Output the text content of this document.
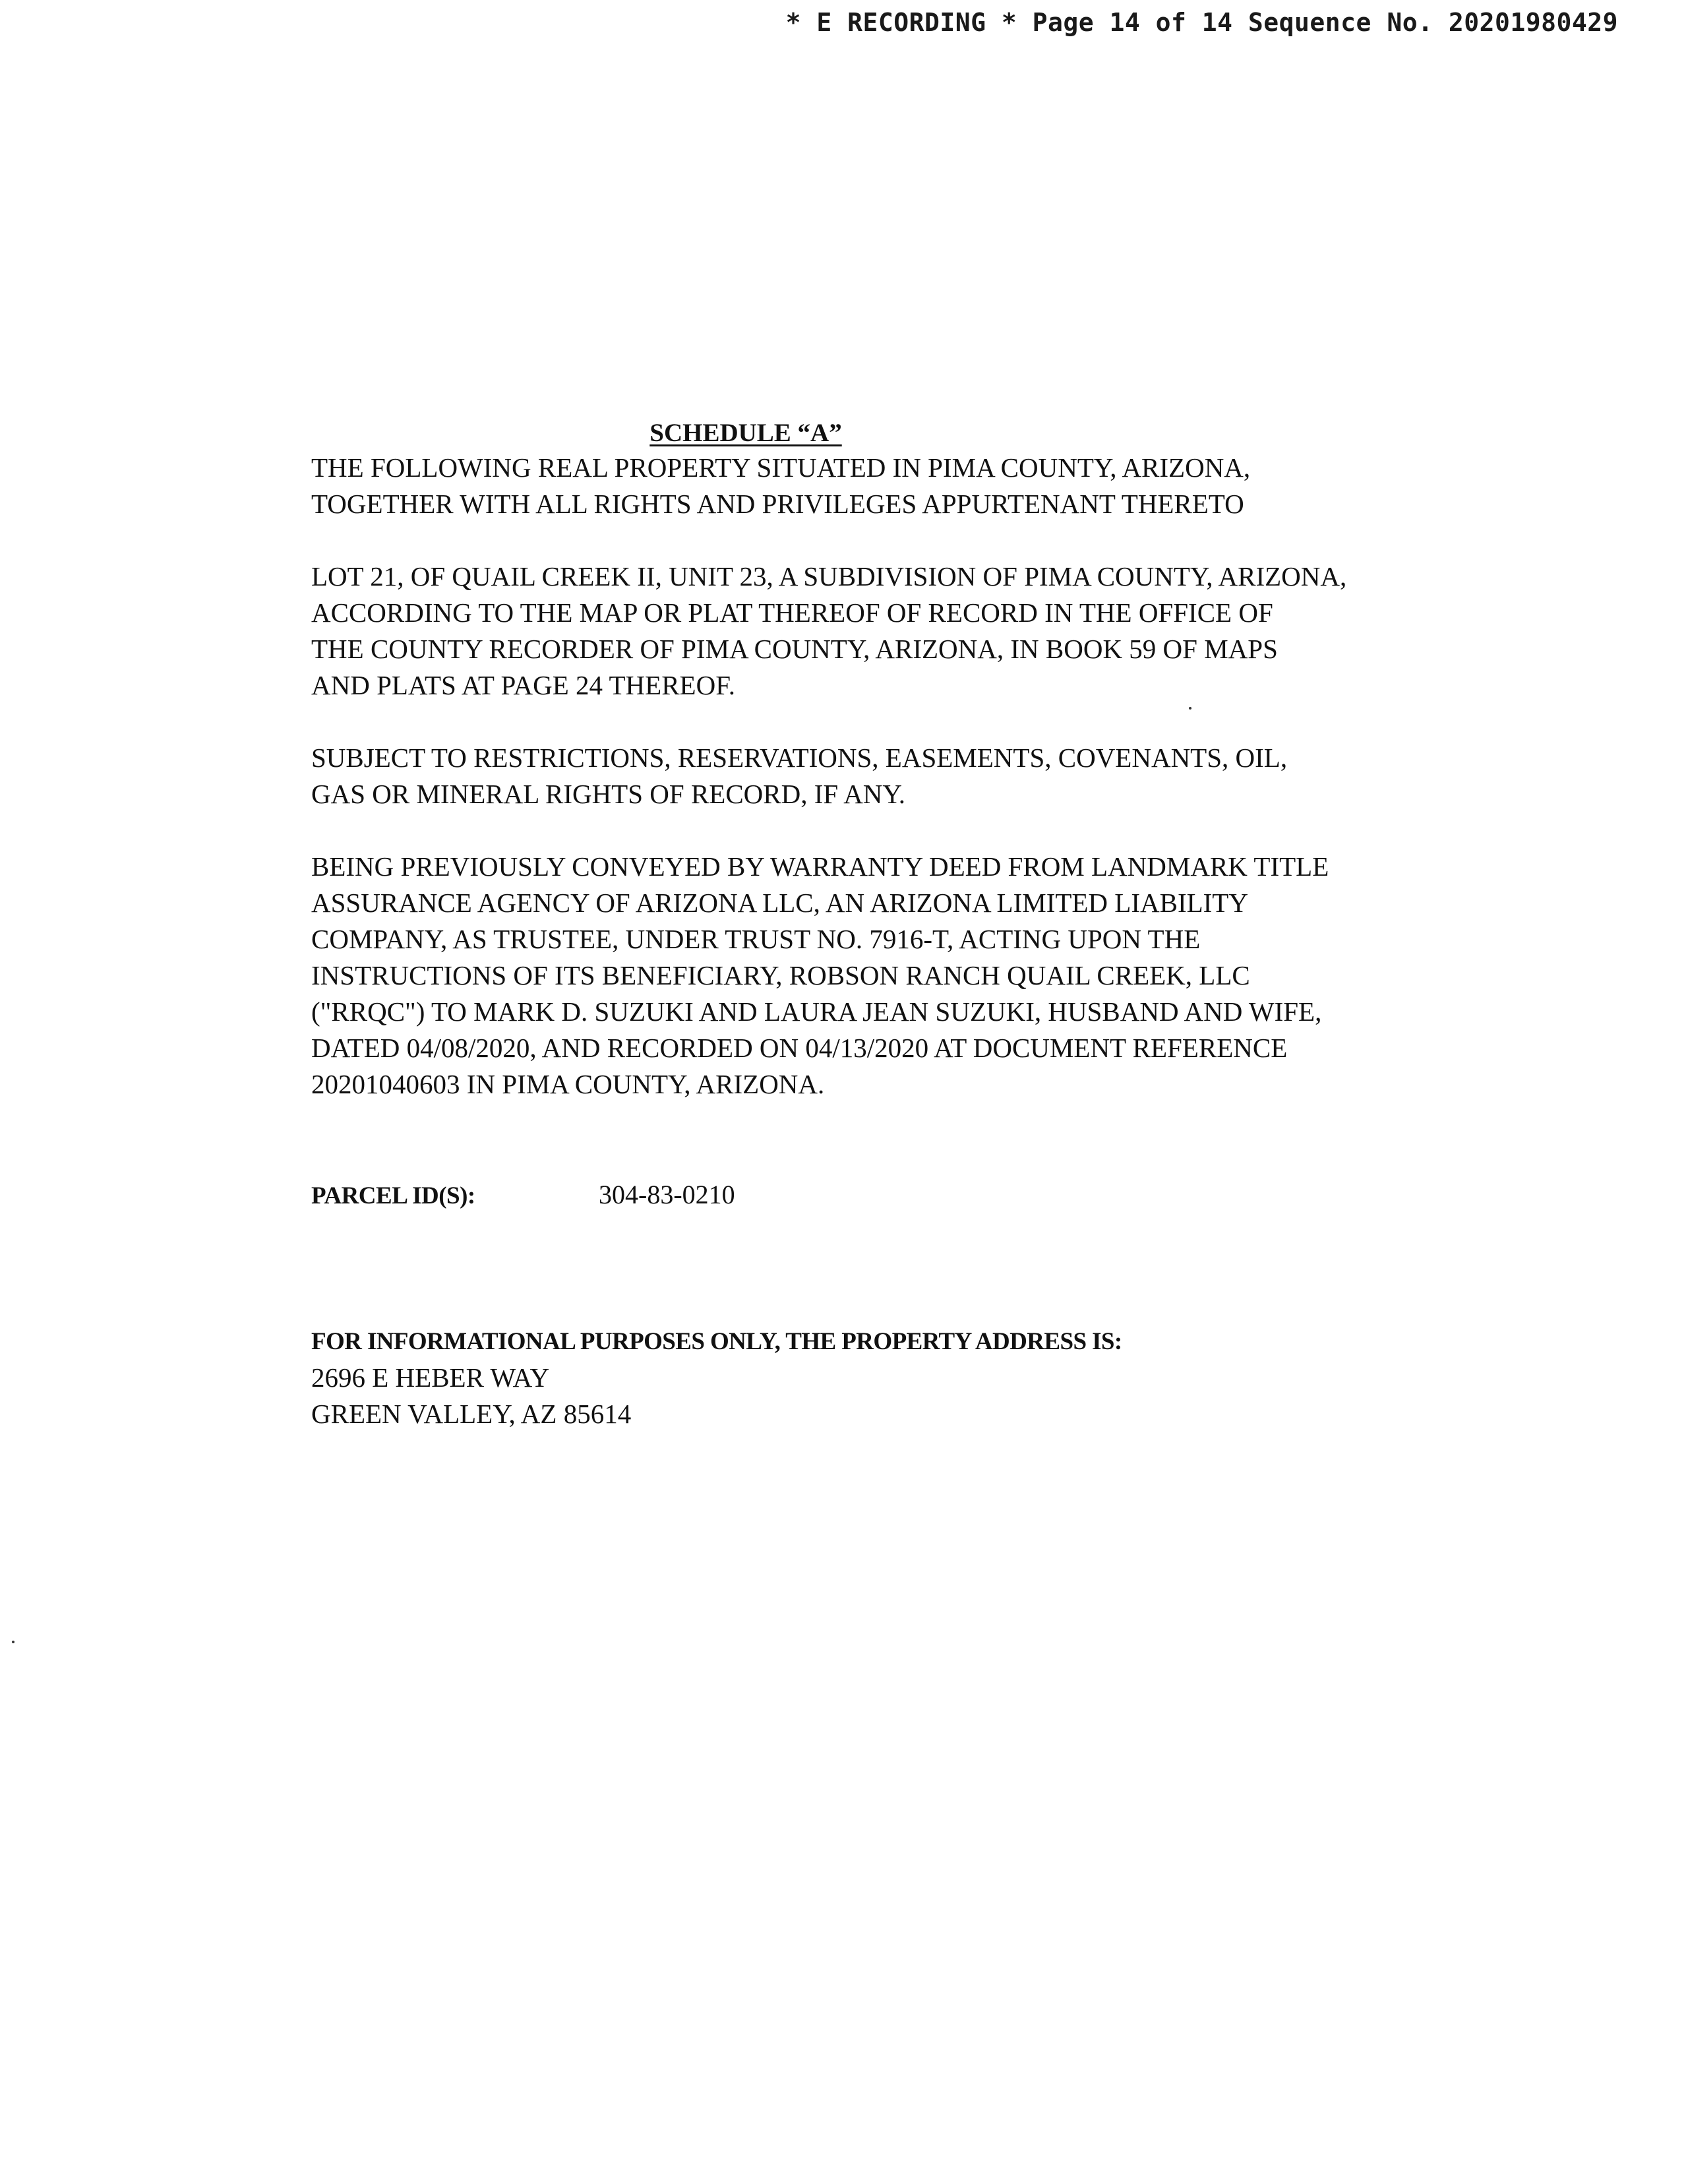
* E RECORDING * Page 14 of 14 Sequence No. 20201980429
SCHEDULE “A”

THE FOLLOWING REAL PROPERTY SITUATED IN PIMA COUNTY, ARIZONA,
TOGETHER WITH ALL RIGHTS AND PRIVILEGES APPURTENANT THERETO

LOT 21, OF QUAIL CREEK II, UNIT 23, A SUBDIVISION OF PIMA COUNTY, ARIZONA,
ACCORDING TO THE MAP OR PLAT THEREOF OF RECORD IN THE OFFICE OF
THE COUNTY RECORDER OF PIMA COUNTY, ARIZONA, IN BOOK 59 OF MAPS
AND PLATS AT PAGE 24 THEREOF.

SUBJECT TO RESTRICTIONS, RESERVATIONS, EASEMENTS, COVENANTS, OIL,
GAS OR MINERAL RIGHTS OF RECORD, IF ANY.

BEING PREVIOUSLY CONVEYED BY WARRANTY DEED FROM LANDMARK TITLE
ASSURANCE AGENCY OF ARIZONA LLC, AN ARIZONA LIMITED LIABILITY
COMPANY, AS TRUSTEE, UNDER TRUST NO. 7916-T, ACTING UPON THE
INSTRUCTIONS OF ITS BENEFICIARY, ROBSON RANCH QUAIL CREEK, LLC
("RRQC") TO MARK D. SUZUKI AND LAURA JEAN SUZUKI, HUSBAND AND WIFE,
DATED 04/08/2020, AND RECORDED ON 04/13/2020 AT DOCUMENT REFERENCE
20201040603 IN PIMA COUNTY, ARIZONA.

PARCEL ID(S):	304-83-0210
FOR INFORMATIONAL PURPOSES ONLY, THE PROPERTY ADDRESS IS:
2696 E HEBER WAY
GREEN VALLEY, AZ 85614
